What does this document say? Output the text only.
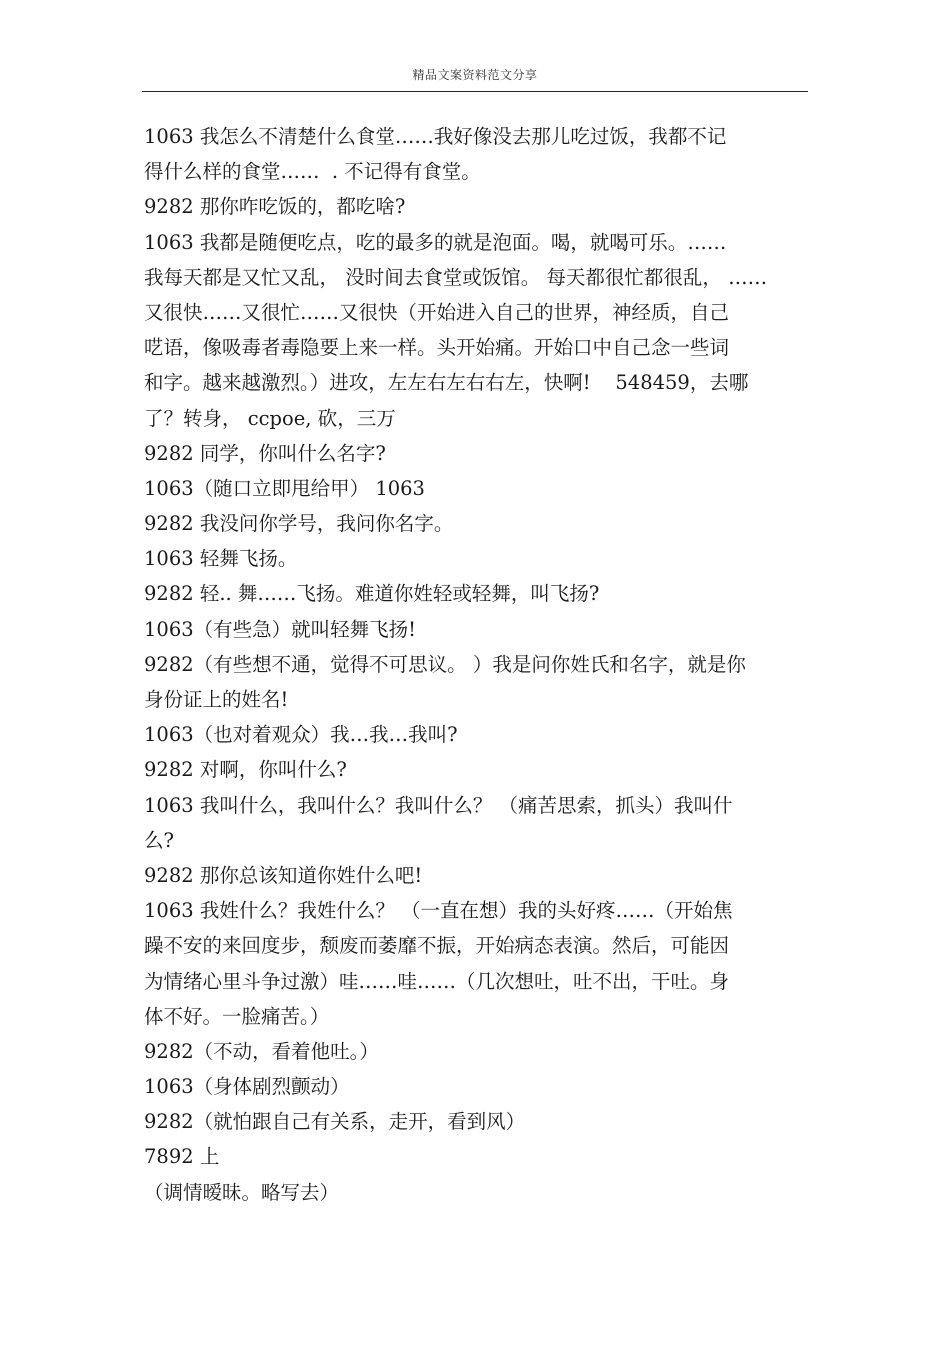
精品文案资料范文分享
1063 我怎么不清楚什么食堂……我好像没去那儿吃过饭，我都不记
得什么样的食堂……  . 不记得有食堂。
9282 那你咋吃饭的，都吃啥?
1063 我都是随便吃点，吃的最多的就是泡面。喝，就喝可乐。……
我每天都是又忙又乱， 没时间去食堂或饭馆。 每天都很忙都很乱， ……
又很快……又很忙……又很快（开始进入自己的世界，神经质，自己
呓语，像吸毒者毒隐要上来一样。头开始痛。开始口中自己念一些词
和字。越来越激烈。）进攻，左左右左右右左，快啊!    548459，去哪
了？转身， ccpoe, 砍，三万
9282 同学，你叫什么名字?
1063（随口立即甩给甲） 1063
9282 我没问你学号，我问你名字。
1063 轻舞飞扬。
9282 轻.. 舞……飞扬。难道你姓轻或轻舞，叫飞扬?
1063（有些急）就叫轻舞飞扬!
9282（有些想不通，觉得不可思议。 ）我是问你姓氏和名字，就是你
身份证上的姓名!
1063（也对着观众）我…我…我叫?
9282 对啊，你叫什么?
1063 我叫什么，我叫什么？我叫什么？ （痛苦思索，抓头）我叫什
么?
9282 那你总该知道你姓什么吧!
1063 我姓什么？我姓什么？ （一直在想）我的头好疼……（开始焦
躁不安的来回度步，颓废而萎靡不振，开始病态表演。然后，可能因
为情绪心里斗争过激）哇……哇……（几次想吐，吐不出，干吐。身
体不好。一脸痛苦。）
9282（不动，看着他吐。）
1063（身体剧烈颤动）
9282（就怕跟自己有关系，走开，看到风）
7892 上
（调情暧昧。略写去）
